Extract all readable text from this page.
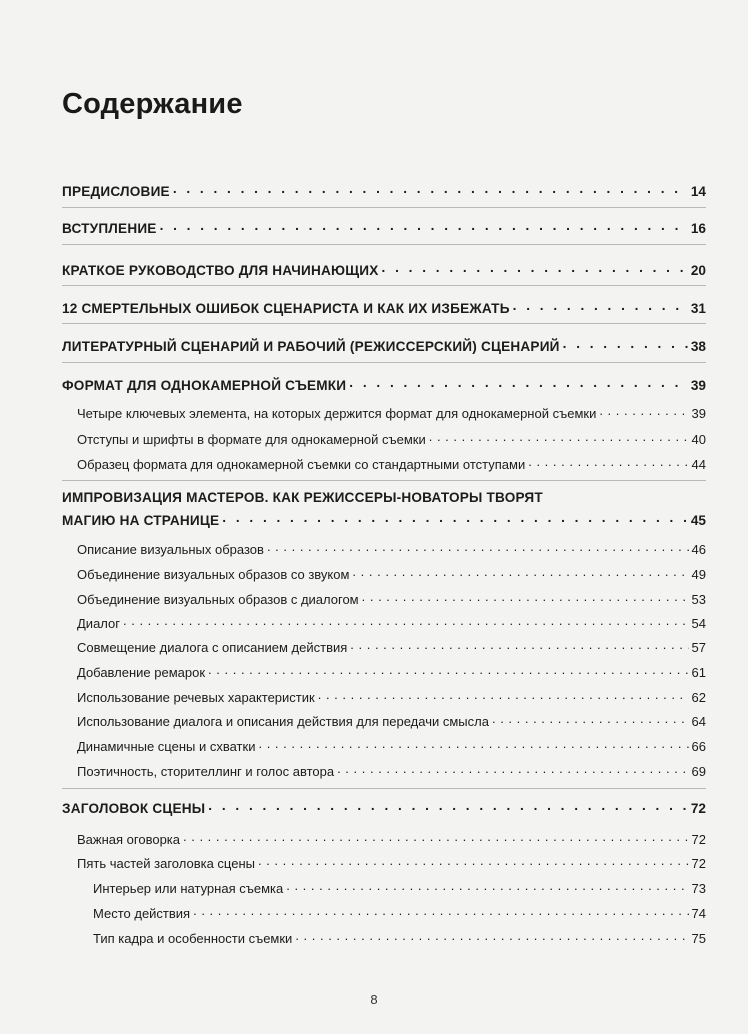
Содержание
ПРЕДИСЛОВИЕ . . .	14
ВСТУПЛЕНИЕ . . .	16
КРАТКОЕ РУКОВОДСТВО ДЛЯ НАЧИНАЮЩИХ . . .	20
12 СМЕРТЕЛЬНЫХ ОШИБОК СЦЕНАРИСТА И КАК ИХ ИЗБЕЖАТЬ . . .	31
ЛИТЕРАТУРНЫЙ СЦЕНАРИЙ И РАБОЧИЙ (РЕЖИССЕРСКИЙ) СЦЕНАРИЙ . . .	38
ФОРМАТ ДЛЯ ОДНОКАМЕРНОЙ СЪЕМКИ . . .	39
Четыре ключевых элемента, на которых держится формат для однокамерной съемки . . .	39
Отступы и шрифты в формате для однокамерной съемки . . .	40
Образец формата для однокамерной съемки со стандартными отступами . . .	44
ИМПРОВИЗАЦИЯ МАСТЕРОВ. КАК РЕЖИССЕРЫ-НОВАТОРЫ ТВОРЯТ
МАГИЮ НА СТРАНИЦЕ . . .	45
Описание визуальных образов . . .	46
Объединение визуальных образов со звуком . . .	49
Объединение визуальных образов с диалогом . . .	53
Диалог . . .	54
Совмещение диалога с описанием действия . . .	57
Добавление ремарок . . .	61
Использование речевых характеристик . . .	62
Использование диалога и описания действия для передачи смысла . . .	64
Динамичные сцены и схватки . . .	66
Поэтичность, сторителлинг и голос автора . . .	69
ЗАГОЛОВОК СЦЕНЫ . . .	72
Важная оговорка . . .	72
Пять частей заголовка сцены . . .	72
Интерьер или натурная съемка . . .	73
Место действия . . .	74
Тип кадра и особенности съемки . . .	75
8
